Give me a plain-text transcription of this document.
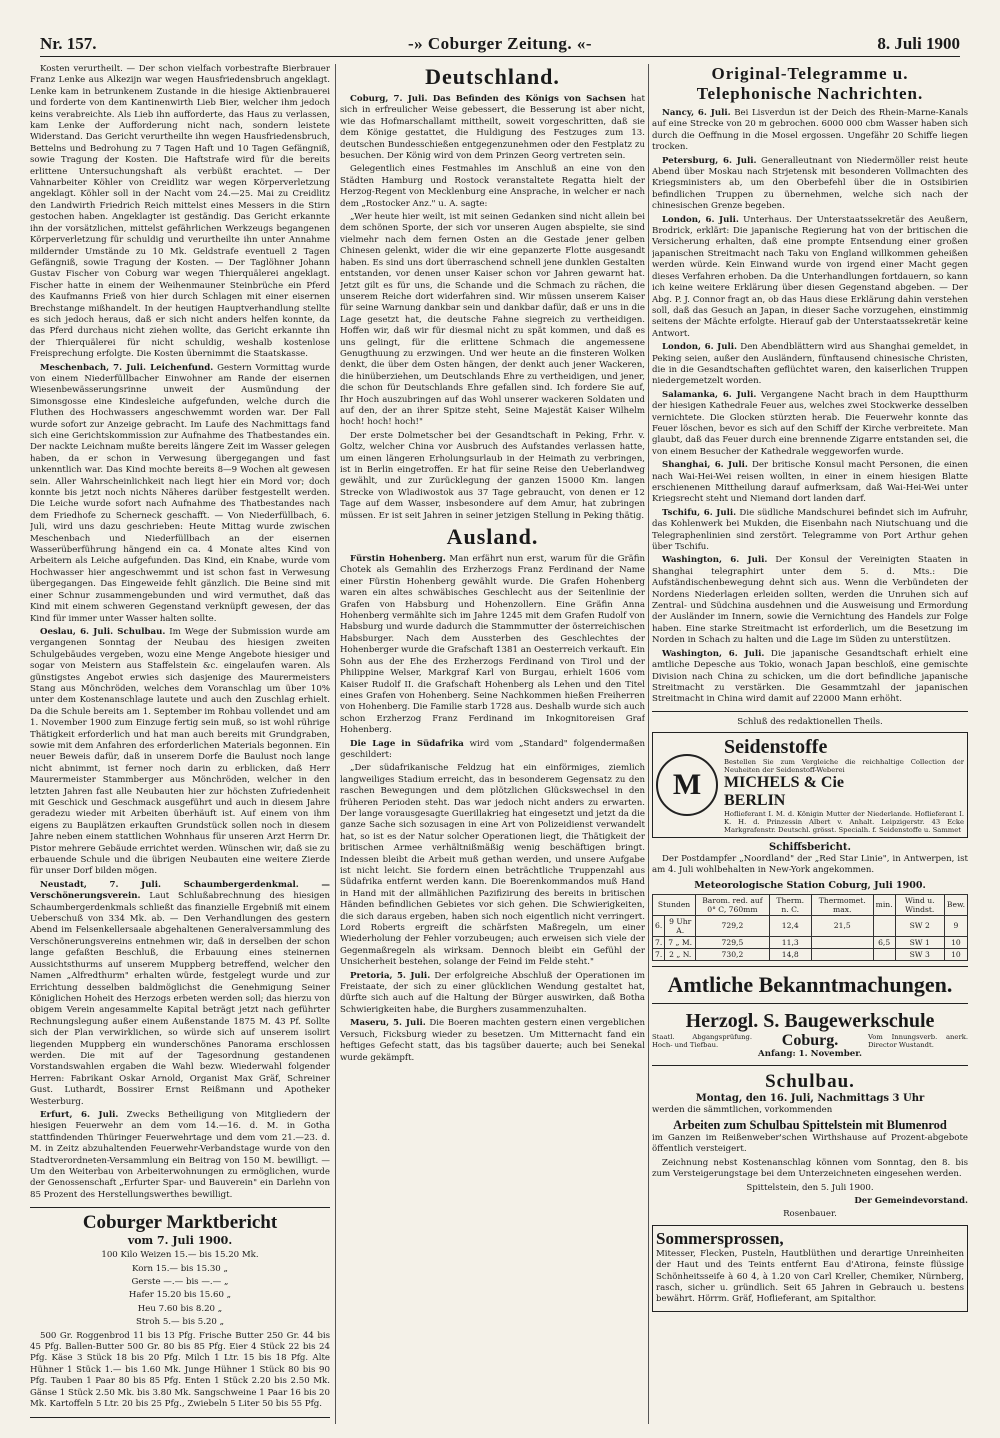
Nr. 157.	-» Coburger Zeitung. «-	8. Juli 1900

Kosten verurtheilt. — Der schon vielfach vorbestrafte Bierbrauer Franz Lenke aus Alkezijn war wegen Hausfriedensbruch angeklagt. Lenke kam in betrunkenem Zustande in die hiesige Aktienbrauerei und forderte von dem Kantinenwirth Lieb Bier, welcher ihm jedoch keins verabreichte. Als Lieb ihn aufforderte, das Haus zu verlassen, kam Lenke der Aufforderung nicht nach, sondern leistete Widerstand. Das Gericht verurtheilte ihn wegen Hausfriedensbruch, Bettelns und Bedrohung zu 7 Tagen Haft und 10 Tagen Gefängniß, sowie Tragung der Kosten. Die Haftstrafe wird für die bereits erlittene Untersuchungshaft als verbüßt erachtet. — Der Vahnarbeiter Köhler von Creidlitz war wegen Körperverletzung angeklagt. Köhler soll in der Nacht vom 24.—25. Mai zu Creidlitz den Landwirth Friedrich Reich mittelst eines Messers in die Stirn gestochen haben. Angeklagter ist geständig. Das Gericht erkannte ihn der vorsätzlichen, mittelst gefährlichen Werkzeugs begangenen Körperverletzung für schuldig und verurtheilte ihn unter Annahme mildernder Umstände zu 10 Mk. Geldstrafe eventuell 2 Tagen Gefängniß, sowie Tragung der Kosten. — Der Taglöhner Johann Gustav Fischer von Coburg war wegen Thierquälerei angeklagt. Fischer hatte in einem der Weihenmauner Steinbrüche ein Pferd des Kaufmanns Frieß von hier durch Schlagen mit einer eisernen Brechstange mißhandelt. In der heutigen Hauptverhandlung stellte es sich jedoch heraus, daß er sich nicht anders helfen konnte, da das Pferd durchaus nicht ziehen wollte, das Gericht erkannte ihn der Thierquälerei für nicht schuldig, weshalb kostenlose Freisprechung erfolgte. Die Kosten übernimmt die Staatskasse.

Meschenbach, 7. Juli. Leichenfund. Gestern Vormittag wurde von einem Niederfüllbacher Einwohner am Rande der eisernen Wiesenbewässerungsrinne unweit der Ausmündung der Simonsgosse eine Kindesleiche aufgefunden, welche durch die Fluthen des Hochwassers angeschwemmt worden war. Der Fall wurde sofort zur Anzeige gebracht. Im Laufe des Nachmittags fand sich eine Gerichtskommission zur Aufnahme des Thatbestandes ein. Der nackte Leichnam mußte bereits längere Zeit im Wasser gelegen haben, da er schon in Verwesung übergegangen und fast unkenntlich war. Das Kind mochte bereits 8—9 Wochen alt gewesen sein. Aller Wahrscheinlichkeit nach liegt hier ein Mord vor; doch konnte bis jetzt noch nichts Näheres darüber festgestellt werden. Die Leiche wurde sofort nach Aufnahme des Thatbestandes nach dem Friedhofe zu Scherneck geschafft. — Von Niederfüllbach, 6. Juli, wird uns dazu geschrieben: Heute Mittag wurde zwischen Meschenbach und Niederfüllbach an der eisernen Wasserüberführung hängend ein ca. 4 Monate altes Kind von Arbeitern als Leiche aufgefunden. Das Kind, ein Knabe, wurde vom Hochwasser hier angeschwemmt und ist schon fast in Verwesung übergegangen. Das Eingeweide fehlt gänzlich. Die Beine sind mit einer Schnur zusammengebunden und wird vermuthet, daß das Kind mit einem schweren Gegenstand verknüpft gewesen, der das Kind für immer unter Wasser halten sollte.

Oeslau, 6. Juli. Schulbau. Im Wege der Submission wurde am vergangenen Sonntag der Neubau des hiesigen zweiten Schulgebäudes vergeben, wozu eine Menge Angebote hiesiger und sogar von Meistern aus Staffelstein &c. eingelaufen waren. Als günstigstes Angebot erwies sich dasjenige des Maurermeisters Stang aus Mönchröden, welches dem Voranschlag um über 10% unter dem Kostenanschlage lautete und auch den Zuschlag erhielt. Da die Schule bereits am 1. September im Rohbau vollendet und am 1. November 1900 zum Einzuge fertig sein muß, so ist wohl rührige Thätigkeit erforderlich und hat man auch bereits mit Grundgraben, sowie mit dem Anfahren des erforderlichen Materials begonnen. Ein neuer Beweis dafür, daß in unserem Dorfe die Baulust noch lange nicht abnimmt, ist ferner noch darin zu erblicken, daß Herr Maurermeister Stammberger aus Mönchröden, welcher in den letzten Jahren fast alle Neubauten hier zur höchsten Zufriedenheit mit Geschick und Geschmack ausgeführt und auch in diesem Jahre geradezu wieder mit Arbeiten überhäuft ist. Auf einem von ihm eigens zu Bauplätzen erkauften Grundstück sollen noch in diesem Jahre neben einem stattlichen Wohnhaus für unseren Arzt Herrn Dr. Pistor mehrere Gebäude errichtet werden. Wünschen wir, daß sie zu erbauende Schule und die übrigen Neubauten eine weitere Zierde für unser Dorf bilden mögen.

Neustadt, 7. Juli. Schaumbergerdenkmal. — Verschönerungsverein. Laut Schlußabrechnung des hiesigen Schaumbergerdenkmals schließt das finanzielle Ergebniß mit einem Ueberschuß von 334 Mk. ab. — Den Verhandlungen des gestern Abend im Felsenkellersaale abgehaltenen Generalversammlung des Verschönerungsvereins entnehmen wir, daß in derselben der schon lange gefaßten Beschluß, die Erbauung eines steinernen Aussichtsthurms auf unserem Muppberg betreffend, welcher den Namen „Alfredthurm" erhalten würde, festgelegt wurde und zur Errichtung desselben baldmöglichst die Genehmigung Seiner Königlichen Hoheit des Herzogs erbeten werden soll; das hierzu von obigem Verein angesammelte Kapital beträgt jetzt nach geführter Rechnungslegung außer einem Außenstande 1875 M. 43 Pf. Sollte sich der Plan verwirklichen, so würde sich auf unserem isolirt liegenden Muppberg ein wunderschönes Panorama erschlossen werden. Die mit auf der Tagesordnung gestandenen Vorstandswahlen ergaben die Wahl bezw. Wiederwahl folgender Herren: Fabrikant Oskar Arnold, Organist Max Gräf, Schreiner Gust. Luthardt, Bossirer Ernst Reißmann und Apotheker Westerburg.

Erfurt, 6. Juli. Zwecks Betheiligung von Mitgliedern der hiesigen Feuerwehr an dem vom 14.—16. d. M. in Gotha stattfindenden Thüringer Feuerwehrtage und dem vom 21.—23. d. M. in Zeitz abzuhaltenden Feuerwehr-Verbandstage wurde von den Stadtverordneten-Versammlung ein Beitrag von 150 M. bewilligt. — Um den Weiterbau von Arbeiterwohnungen zu ermöglichen, wurde der Genossenschaft „Erfurter Spar- und Bauverein" ein Darlehn von 85 Prozent des Herstellungswerthes bewilligt.

Coburger Marktbericht
vom 7. Juli 1900.

100 Kilo Weizen 15.— bis 15.20 Mk.

Korn 15.— bis 15.30 „

Gerste —.— bis —.— „

Hafer 15.20 bis 15.60 „

Heu 7.60 bis 8.20 „

Stroh 5.— bis 5.20 „

500 Gr. Roggenbrod 11 bis 13 Pfg. Frische Butter 250 Gr. 44 bis 45 Pfg. Ballen-Butter 500 Gr. 80 bis 85 Pfg. Eier 4 Stück 22 bis 24 Pfg. Käse 3 Stück 18 bis 20 Pfg. Milch 1 Ltr. 15 bis 18 Pfg. Alte Hühner 1 Stück 1.— bis 1.60 Mk. Junge Hühner 1 Stück 80 bis 90 Pfg. Tauben 1 Paar 80 bis 85 Pfg. Enten 1 Stück 2.20 bis 2.50 Mk. Gänse 1 Stück 2.50 Mk. bis 3.80 Mk. Sangschweine 1 Paar 16 bis 20 Mk. Kartoffeln 5 Ltr. 20 bis 25 Pfg., Zwiebeln 5 Liter 50 bis 55 Pfg.

Deutschland.

Coburg, 7. Juli. Das Befinden des Königs von Sachsen hat sich in erfreulicher Weise gebessert, die Besserung ist aber nicht, wie das Hofmarschallamt mittheilt, soweit vorgeschritten, daß sie dem Könige gestattet, die Huldigung des Festzuges zum 13. deutschen Bundesschießen entgegenzunehmen oder den Festplatz zu besuchen. Der König wird von dem Prinzen Georg vertreten sein.

Gelegentlich eines Festmahles im Anschluß an eine von den Städten Hamburg und Rostock veranstaltete Regatta hielt der Herzog-Regent von Mecklenburg eine Ansprache, in welcher er nach dem „Rostocker Anz." u. A. sagte:

„Wer heute hier weilt, ist mit seinen Gedanken sind nicht allein bei dem schönen Sporte, der sich vor unseren Augen abspielte, sie sind vielmehr nach dem fernen Osten an die Gestade jener gelben Chinesen gelenkt, wider die wir eine gepanzerte Flotte ausgesandt haben. Es sind uns dort überraschend schnell jene dunklen Gestalten entstanden, vor denen unser Kaiser schon vor Jahren gewarnt hat. Jetzt gilt es für uns, die Schande und die Schmach zu rächen, die unserem Reiche dort widerfahren sind. Wir müssen unserem Kaiser für seine Warnung dankbar sein und dankbar dafür, daß er uns in die Lage gesetzt hat, die deutsche Fahne siegreich zu vertheidigen. Hoffen wir, daß wir für diesmal nicht zu spät kommen, und daß es uns gelingt, für die erlittene Schmach die angemessene Genugthuung zu erzwingen. Und wer heute an die finsteren Wolken denkt, die über dem Osten hängen, der denkt auch jener Wackeren, die hinüberziehen, um Deutschlands Ehre zu vertheidigen, und jener, die schon für Deutschlands Ehre gefallen sind. Ich fordere Sie auf, Ihr Hoch auszubringen auf das Wohl unserer wackeren Soldaten und auf den, der an ihrer Spitze steht, Seine Majestät Kaiser Wilhelm hoch! hoch! hoch!"

Der erste Dolmetscher bei der Gesandtschaft in Peking, Frhr. v. Goltz, welcher China vor Ausbruch des Aufstandes verlassen hatte, um einen längeren Erholungsurlaub in der Heimath zu verbringen, ist in Berlin eingetroffen. Er hat für seine Reise den Ueberlandweg gewählt, und zur Zurücklegung der ganzen 15000 Km. langen Strecke von Wladiwostok aus 37 Tage gebraucht, von denen er 12 Tage auf dem Wasser, insbesondere auf dem Amur, hat zubringen müssen. Er ist seit Jahren in seiner jetzigen Stellung in Peking thätig.

Ausland.

Fürstin Hohenberg. Man erfährt nun erst, warum für die Gräfin Chotek als Gemahlin des Erzherzogs Franz Ferdinand der Name einer Fürstin Hohenberg gewählt wurde. Die Grafen Hohenberg waren ein altes schwäbisches Geschlecht aus der Seitenlinie der Grafen von Habsburg und Hohenzollern. Eine Gräfin Anna Hohenberg vermählte sich im Jahre 1245 mit dem Grafen Rudolf von Habsburg und wurde dadurch die Stammmutter der österreichischen Habsburger. Nach dem Aussterben des Geschlechtes der Hohenberger wurde die Grafschaft 1381 an Oesterreich verkauft. Ein Sohn aus der Ehe des Erzherzogs Ferdinand von Tirol und der Philippine Welser, Markgraf Karl von Burgau, erhielt 1606 vom Kaiser Rudolf II. die Grafschaft Hohenberg als Lehen und den Titel eines Grafen von Hohenberg. Seine Nachkommen hießen Freiherren von Hohenberg. Die Familie starb 1728 aus. Deshalb wurde sich auch schon Erzherzog Franz Ferdinand im Inkognitoreisen Graf Hohenberg.

Die Lage in Südafrika wird vom „Standard" folgendermaßen geschildert:

„Der südafrikanische Feldzug hat ein einförmiges, ziemlich langweiliges Stadium erreicht, das in besonderem Gegensatz zu den raschen Bewegungen und dem plötzlichen Glückswechsel in den früheren Perioden steht. Das war jedoch nicht anders zu erwarten. Der lange vorausgesagte Guerillakrieg hat eingesetzt und jetzt da die ganze Sache sich sozusagen in eine Art von Polizeidienst verwandelt hat, so ist es der Natur solcher Operationen liegt, die Thätigkeit der britischen Armee verhältnißmäßig wenig beschäftigen bringt. Indessen bleibt die Arbeit muß gethan werden, und unsere Aufgabe ist nicht leicht. Sie fordern einen beträchtliche Truppenzahl aus Südafrika entfernt werden kann. Die Boerenkommandos muß Hand in Hand mit der allmählichen Pazifizirung des bereits in britischen Händen befindlichen Gebietes vor sich gehen. Die Schwierigkeiten, die sich daraus ergeben, haben sich noch eigentlich nicht verringert. Lord Roberts ergreift die schärfsten Maßregeln, um einer Wiederholung der Fehler vorzubeugen; auch erweisen sich viele der Gegenmaßregeln als wirksam. Dennoch bleibt ein Gefühl der Unsicherheit bestehen, solange der Feind im Felde steht."

Pretoria, 5. Juli. Der erfolgreiche Abschluß der Operationen im Freistaate, der sich zu einer glücklichen Wendung gestaltet hat, dürfte sich auch auf die Haltung der Bürger auswirken, daß Botha Schwierigkeiten habe, die Burghers zusammenzuhalten.

Maseru, 5. Juli. Die Boeren machten gestern einen vergeblichen Versuch, Ficksburg wieder zu besetzen. Um Mitternacht fand ein heftiges Gefecht statt, das bis tagsüber dauerte; auch bei Senekal wurde gekämpft.

Original-Telegramme u. Telephonische Nachrichten.

Nancy, 6. Juli. Bei Lisverdun ist der Deich des Rhein-Marne-Kanals auf eine Strecke von 20 m gebrochen. 6000 000 cbm Wasser haben sich durch die Oeffnung in die Mosel ergossen. Ungefähr 20 Schiffe liegen trocken.

Petersburg, 6. Juli. Generalleutnant von Niedermöller reist heute Abend über Moskau nach Strjetensk mit besonderen Vollmachten des Kriegsministers ab, um den Oberbefehl über die in Ostsibirien befindlichen Truppen zu übernehmen, welche sich nach der chinesischen Grenze begeben.

London, 6. Juli. Unterhaus. Der Unterstaatssekretär des Aeußern, Brodrick, erklärt: Die japanische Regierung hat von der britischen die Versicherung erhalten, daß eine prompte Entsendung einer großen japanischen Streitmacht nach Taku von England willkommen geheißen werden würde. Kein Einwand wurde von irgend einer Macht gegen dieses Verfahren erhoben. Da die Unterhandlungen fortdauern, so kann ich keine weitere Erklärung über diesen Gegenstand abgeben. — Der Abg. P. J. Connor fragt an, ob das Haus diese Erklärung dahin verstehen soll, daß das Gesuch an Japan, in dieser Sache vorzugehen, einstimmig seitens der Mächte erfolgte. Hierauf gab der Unterstaatssekretär keine Antwort.

London, 6. Juli. Den Abendblättern wird aus Shanghai gemeldet, in Peking seien, außer den Ausländern, fünftausend chinesische Christen, die in die Gesandtschaften geflüchtet waren, den kaiserlichen Truppen niedergemetzelt worden.

Salamanka, 6. Juli. Vergangene Nacht brach in dem Hauptthurm der hiesigen Kathedrale Feuer aus, welches zwei Stockwerke desselben vernichtete. Die Glocken stürzten herab. Die Feuerwehr konnte das Feuer löschen, bevor es sich auf den Schiff der Kirche verbreitete. Man glaubt, daß das Feuer durch eine brennende Zigarre entstanden sei, die von einem Besucher der Kathedrale weggeworfen wurde.

Shanghai, 6. Juli. Der britische Konsul macht Personen, die einen nach Wai-Hei-Wei reisen wollten, in einer in einem hiesigen Blatte erschienenen Mittheilung darauf aufmerksam, daß Wai-Hei-Wei unter Kriegsrecht steht und Niemand dort landen darf.

Tschifu, 6. Juli. Die südliche Mandschurei befindet sich im Aufruhr, das Kohlenwerk bei Mukden, die Eisenbahn nach Niutschuang und die Telegraphenlinien sind zerstört. Telegramme von Port Arthur gehen über Tschifu.

Washington, 6. Juli. Der Konsul der Vereinigten Staaten in Shanghai telegraphirt unter dem 5. d. Mts.: Die Aufständischenbewegung dehnt sich aus. Wenn die Verbündeten der Nordens Niederlagen erleiden sollten, werden die Unruhen sich auf Zentral- und Südchina ausdehnen und die Ausweisung und Ermordung der Ausländer im Innern, sowie die Vernichtung des Handels zur Folge haben. Eine starke Streitmacht ist erforderlich, um die Besetzung im Norden in Schach zu halten und die Lage im Süden zu unterstützen.

Washington, 6. Juli. Die japanische Gesandtschaft erhielt eine amtliche Depesche aus Tokio, wonach Japan beschloß, eine gemischte Division nach China zu schicken, um die dort befindliche japanische Streitmacht zu verstärken. Die Gesammtzahl der japanischen Streitmacht in China wird damit auf 22000 Mann erhöht.

Schluß des redaktionellen Theils.

M
Seidenstoffe
Bestellen Sie zum Vergleiche die reichhaltige Collection der Neuheiten der Seidenstoff-Weberei
MICHELS & Cie
BERLIN
Hoflieferant I. M. d. Königin Mutter der Niederlande. Hoflieferant I. K. H. d. Prinzessin Albert v. Anhalt. Leipzigerstr. 43 Ecke Markgrafenstr. Deutschl. grösst. Specialh. f. Seidenstoffe u. Sammet
Schiffsbericht.

Der Postdampfer „Noordland" der „Red Star Linie", in Antwerpen, ist am 4. Juli wohlbehalten in New-York angekommen.

Meteorologische Station Coburg, Juli 1900.
Stunden		Barom. red. auf 0° C, 760mm	Therm. n. C.	Thermomet. max.	min.	Wind u. Windst.	Bew.
6.	9 Uhr A.	729,2	12,4	21,5		SW 2	9
7.	7 „ M.	729,5	11,3		6,5	SW 1	10
7.	2 „ N.	730,2	14,8			SW 3	10
Amtliche Bekanntmachungen.
Herzogl. S. Baugewerkschule
Staatl. Abgangsprüfung. Hoch- und Tiefbau.	Coburg.	Vom Innungsverb. anerk. Director Wustandt.
Anfang: 1. November.
Schulbau.
Montag, den 16. Juli, Nachmittags 3 Uhr

werden die sämmtlichen, vorkommenden

Arbeiten zum Schulbau Spittelstein mit Blumenrod

im Ganzen im Reißenweber'schen Wirthshause auf Prozent-abgebote öffentlich versteigert.

Zeichnung nebst Kostenanschlag können vom Sonntag, den 8. bis zum Versteigerungstage bei dem Unterzeichneten eingesehen werden.

Spittelstein, den 5. Juli 1900.

Der Gemeindevorstand.

Rosenbauer.

Sommersprossen,

Mitesser, Flecken, Pusteln, Hautblüthen und derartige Unreinheiten der Haut und des Teints entfernt Eau d'Atirona, feinste flüssige Schönheitsseife à 60 4, à 1.20 von Carl Kreller, Chemiker, Nürnberg, rasch, sicher u. gründlich. Seit 65 Jahren in Gebrauch u. bestens bewährt. Hörrm. Gräf, Hoflieferant, am Spitalthor.
